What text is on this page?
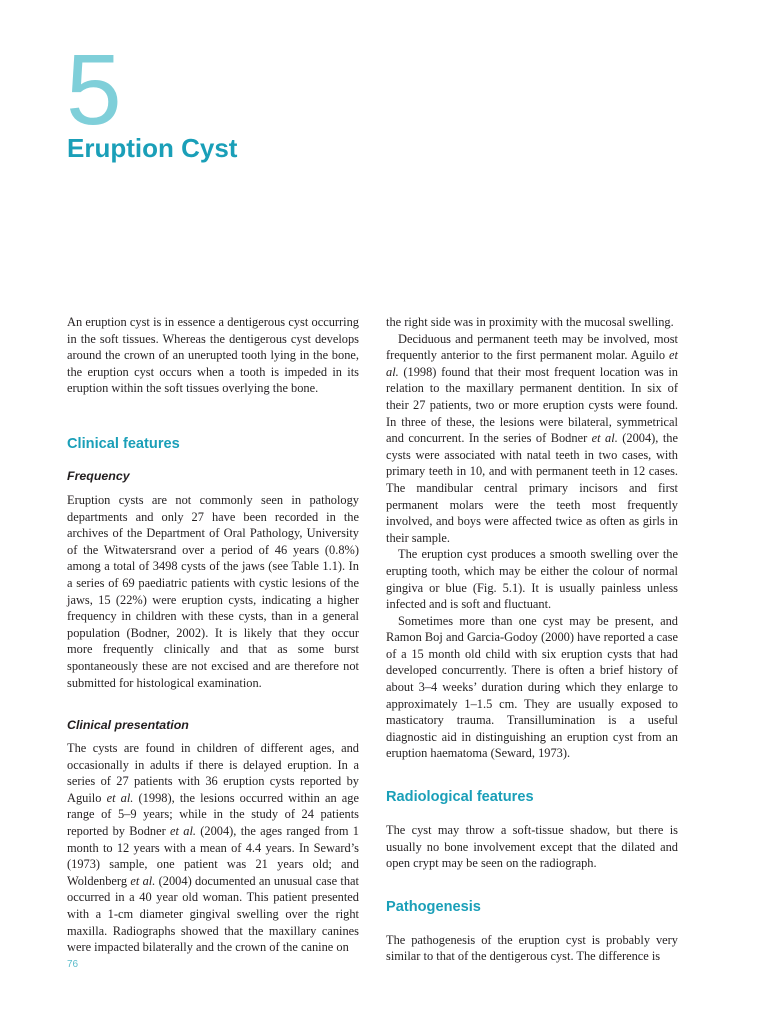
5
Eruption Cyst

An eruption cyst is in essence a dentigerous cyst occurring in the soft tissues. Whereas the dentigerous cyst develops around the crown of an unerupted tooth lying in the bone, the eruption cyst occurs when a tooth is impeded in its eruption within the soft tissues overlying the bone.

Clinical features
Frequency

Eruption cysts are not commonly seen in pathology departments and only 27 have been recorded in the archives of the Department of Oral Pathology, University of the Witwatersrand over a period of 46 years (0.8%) among a total of 3498 cysts of the jaws (see Table 1.1). In a series of 69 paediatric patients with cystic lesions of the jaws, 15 (22%) were eruption cysts, indicating a higher frequency in children with these cysts, than in a general population (Bodner, 2002). It is likely that they occur more frequently clinically and that as some burst spontaneously these are not excised and are therefore not submitted for histological examination.

Clinical presentation

The cysts are found in children of different ages, and occasionally in adults if there is delayed eruption. In a series of 27 patients with 36 eruption cysts reported by Aguilo et al. (1998), the lesions occurred within an age range of 5–9 years; while in the study of 24 patients reported by Bodner et al. (2004), the ages ranged from 1 month to 12 years with a mean of 4.4 years. In Seward’s (1973) sample, one patient was 21 years old; and Woldenberg et al. (2004) documented an unusual case that occurred in a 40 year old woman. This patient presented with a 1-cm diameter gingival swelling over the right maxilla. Radiographs showed that the maxillary canines were impacted bilaterally and the crown of the canine on

the right side was in proximity with the mucosal swelling.

Deciduous and permanent teeth may be involved, most frequently anterior to the first permanent molar. Aguilo et al. (1998) found that their most frequent location was in relation to the maxillary permanent dentition. In six of their 27 patients, two or more eruption cysts were found. In three of these, the lesions were bilateral, symmetrical and concurrent. In the series of Bodner et al. (2004), the cysts were associated with natal teeth in two cases, with primary teeth in 10, and with permanent teeth in 12 cases. The mandibular central primary incisors and first permanent molars were the teeth most frequently involved, and boys were affected twice as often as girls in their sample.

The eruption cyst produces a smooth swelling over the erupting tooth, which may be either the colour of normal gingiva or blue (Fig. 5.1). It is usually painless unless infected and is soft and fluctuant.

Sometimes more than one cyst may be present, and Ramon Boj and Garcia-Godoy (2000) have reported a case of a 15 month old child with six eruption cysts that had developed concurrently. There is often a brief history of about 3–4 weeks’ duration during which they enlarge to approximately 1–1.5 cm. They are usually exposed to masticatory trauma. Transillumination is a useful diagnostic aid in distinguishing an eruption cyst from an eruption haematoma (Seward, 1973).

Radiological features

The cyst may throw a soft-tissue shadow, but there is usually no bone involvement except that the dilated and open crypt may be seen on the radiograph.

Pathogenesis

The pathogenesis of the eruption cyst is probably very similar to that of the dentigerous cyst. The difference is

76
